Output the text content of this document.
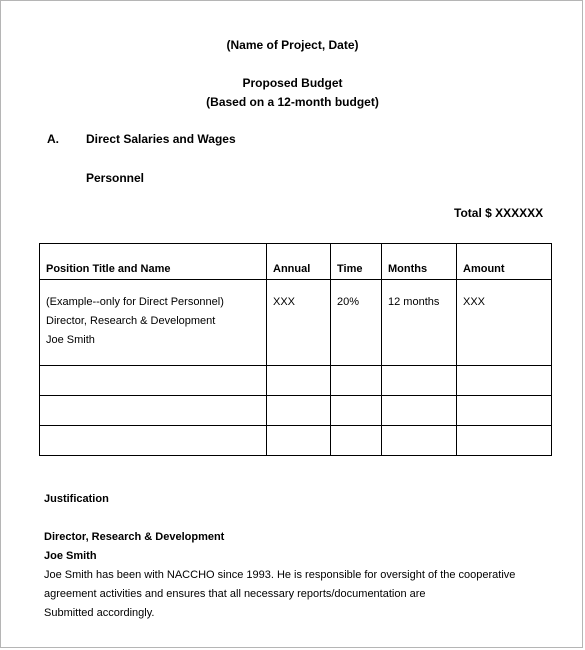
(Name of Project, Date)
Proposed Budget
(Based on a 12-month budget)
A. Direct Salaries and Wages
Personnel
Total $ XXXXXX
Position Title and Name	Annual	Time	Months	Amount

(Example--only for Direct Personnel)
Director, Research & Development
Joe Smith	XXX	20%	12 months	XXX

Justification
Director, Research & Development
Joe Smith
Joe Smith has been with NACCHO since 1993. He is responsible for oversight of the cooperative
agreement activities and ensures that all necessary reports/documentation are
Submitted accordingly.
